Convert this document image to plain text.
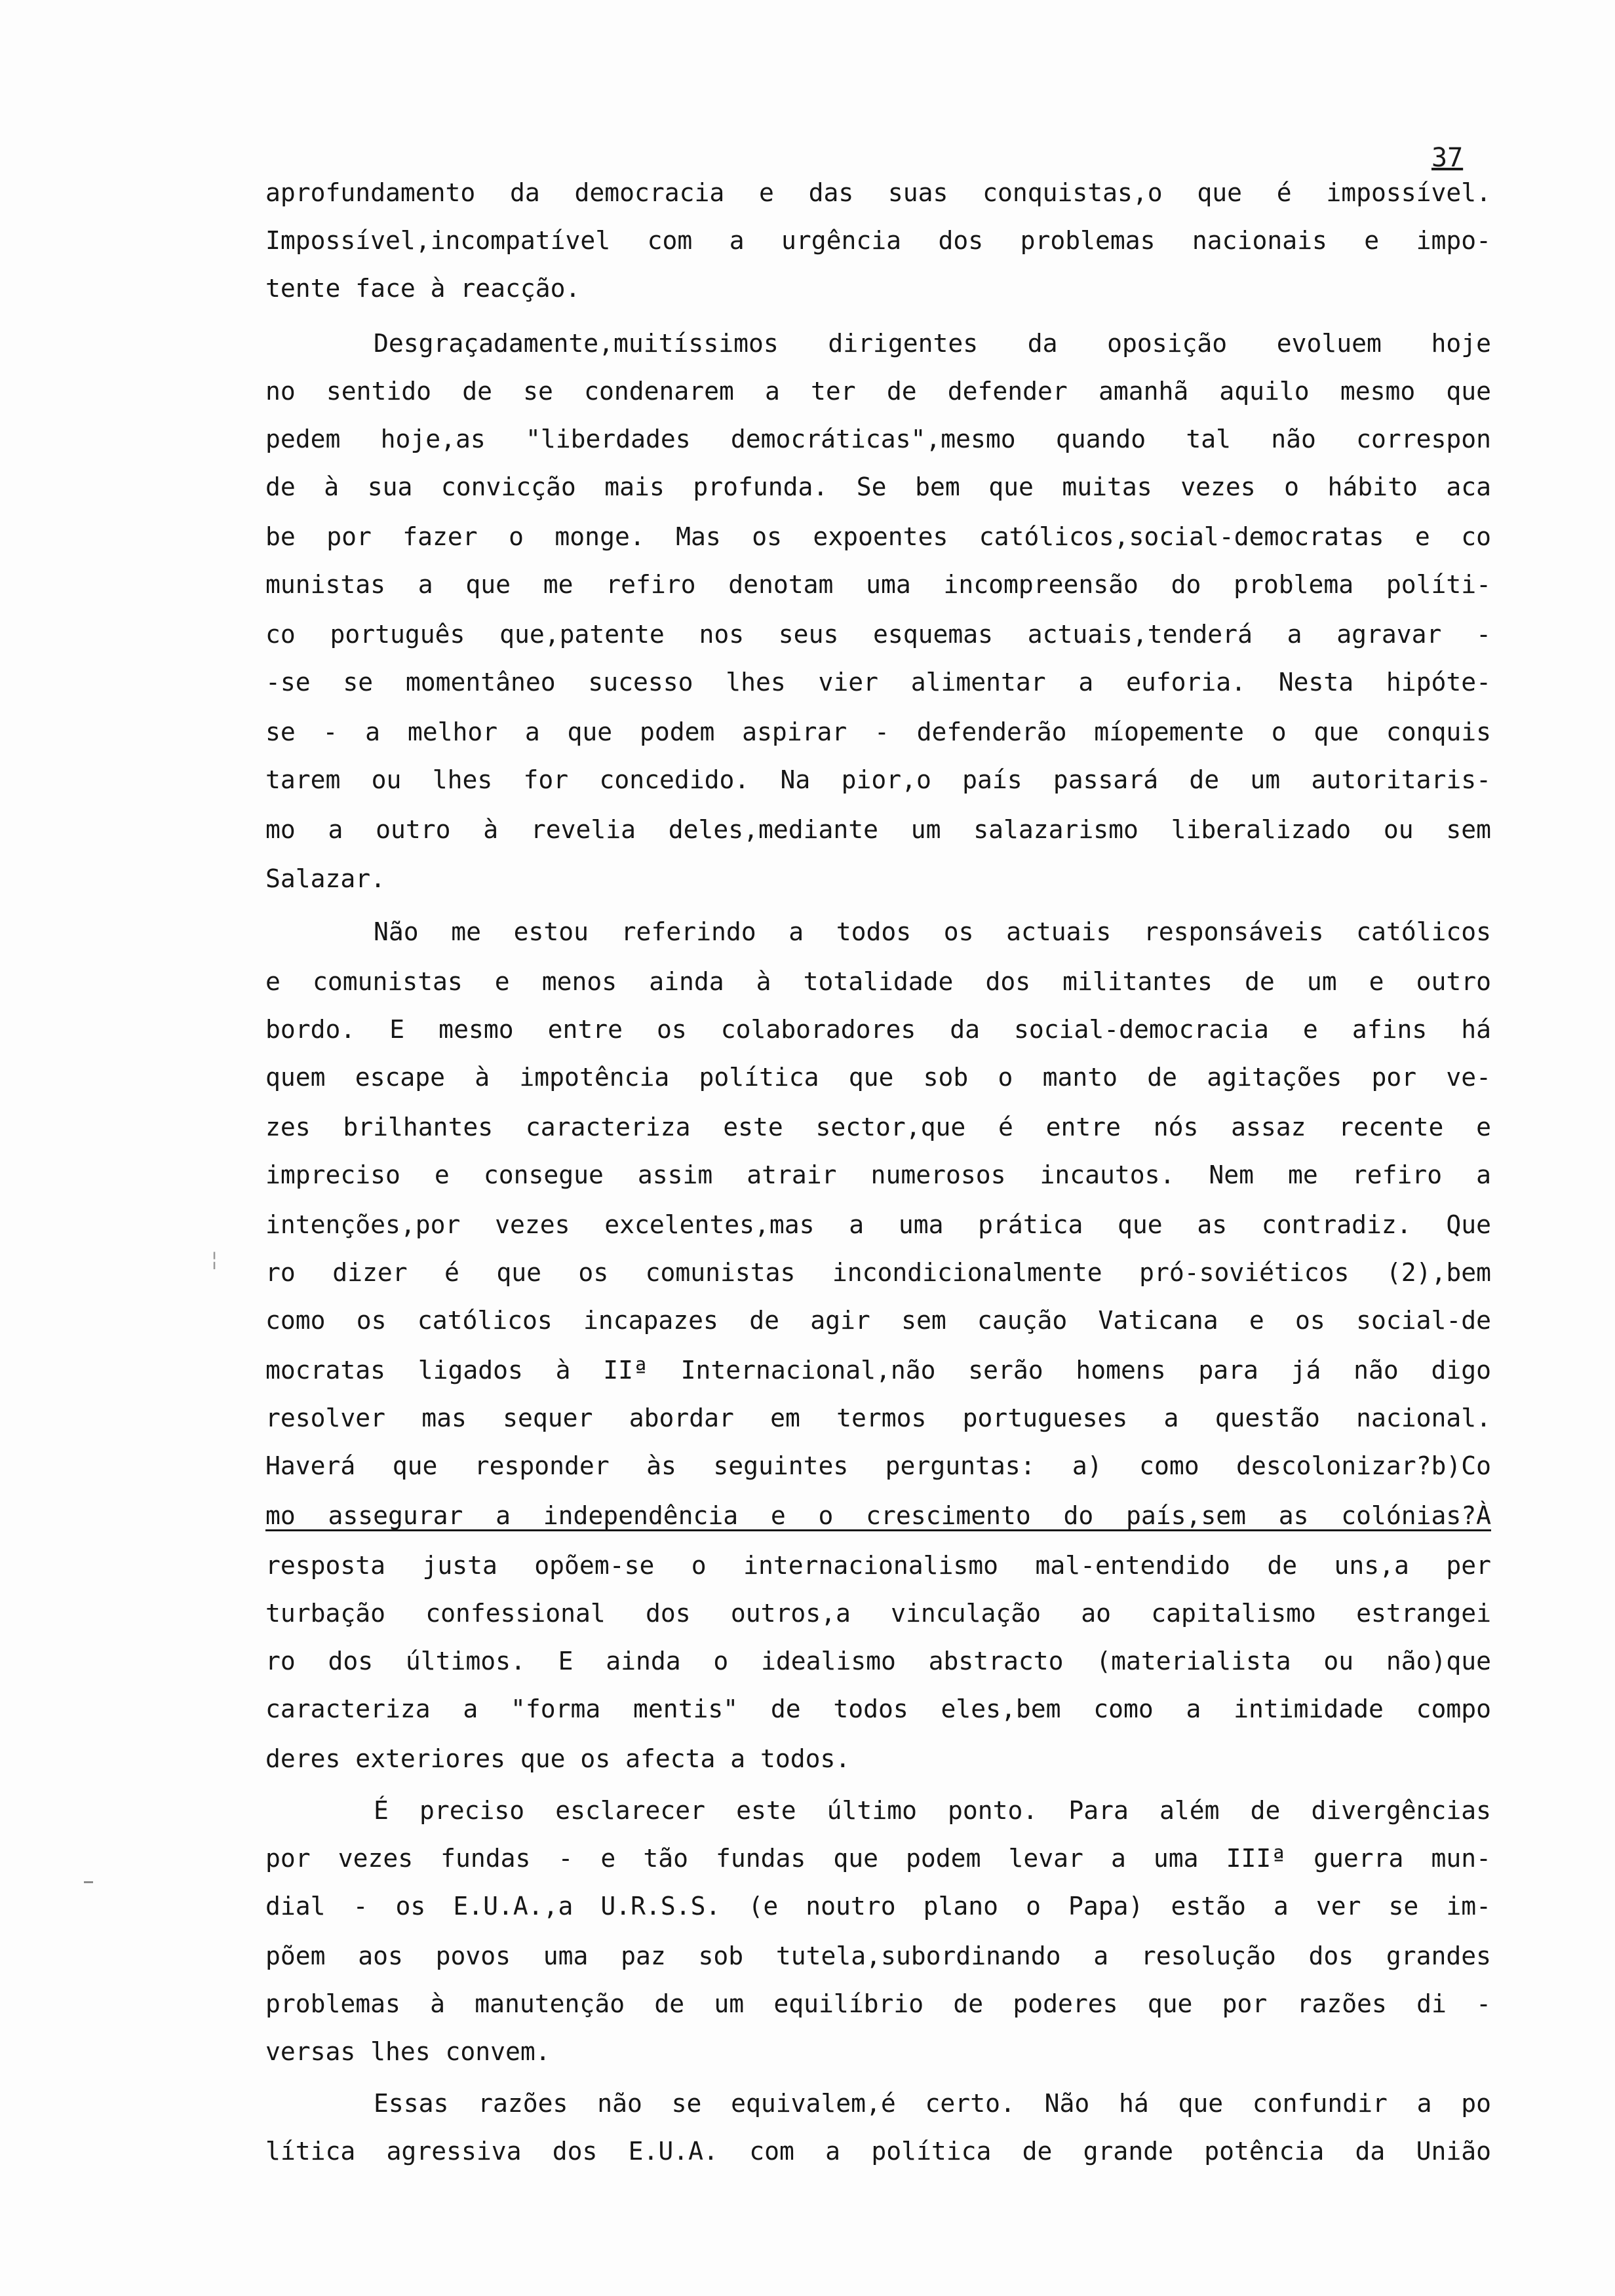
37
¦
aprofundamento da democracia e das suas conquistas,o que é impossível.
Impossível,incompatível com a urgência dos problemas nacionais e impo-
tente face à reacção.
Desgraçadamente,muitíssimos dirigentes da oposição evoluem hoje
no sentido de se condenarem a ter de defender amanhã aquilo mesmo que
pedem hoje,as "liberdades democráticas",mesmo quando tal não correspon
de à sua convicção mais profunda. Se bem que muitas vezes o hábito aca
be por fazer o monge. Mas os expoentes católicos,social-democratas e co
munistas a que me refiro denotam uma incompreensão do problema políti-
co português que,patente nos seus esquemas actuais,tenderá a agravar -
-se se momentâneo sucesso lhes vier alimentar a euforia. Nesta hipóte-
se - a melhor a que podem aspirar - defenderão míopemente o que conquis
tarem ou lhes for concedido. Na pior,o país passará de um autoritaris-
mo a outro à revelia deles,mediante um salazarismo liberalizado ou sem
Salazar.
Não me estou referindo a todos os actuais responsáveis católicos
e comunistas e menos ainda à totalidade dos militantes de um e outro
bordo. E mesmo entre os colaboradores da social-democracia e afins há
quem escape à impotência política que sob o manto de agitações por ve-
zes brilhantes caracteriza este sector,que é entre nós assaz recente e
impreciso e consegue assim atrair numerosos incautos. Nem me refiro a
intenções,por vezes excelentes,mas a uma prática que as contradiz. Que
ro dizer é que os comunistas incondicionalmente pró-soviéticos (2),bem
como os católicos incapazes de agir sem caução Vaticana e os social-de
mocratas ligados à IIª Internacional,não serão homens para já não digo
resolver mas sequer abordar em termos portugueses a questão nacional.
Haverá que responder às seguintes perguntas: a) como descolonizar?b)Co
mo assegurar a independência e o crescimento do país,sem as colónias?À
resposta justa opõem-se o internacionalismo mal-entendido de uns,a per
turbação confessional dos outros,a vinculação ao capitalismo estrangei
ro dos últimos. E ainda o idealismo abstracto (materialista ou não)que
caracteriza a "forma mentis" de todos eles,bem como a intimidade compo
deres exteriores que os afecta a todos.
É preciso esclarecer este último ponto. Para além de divergências
por vezes fundas - e tão fundas que podem levar a uma IIIª guerra mun-
dial - os E.U.A.,a U.R.S.S. (e noutro plano o Papa) estão a ver se im-
põem aos povos uma paz sob tutela,subordinando a resolução dos grandes
problemas à manutenção de um equilíbrio de poderes que por razões di -
versas lhes convem.
Essas razões não se equivalem,é certo. Não há que confundir a po
lítica agressiva dos E.U.A. com a política de grande potência da União
